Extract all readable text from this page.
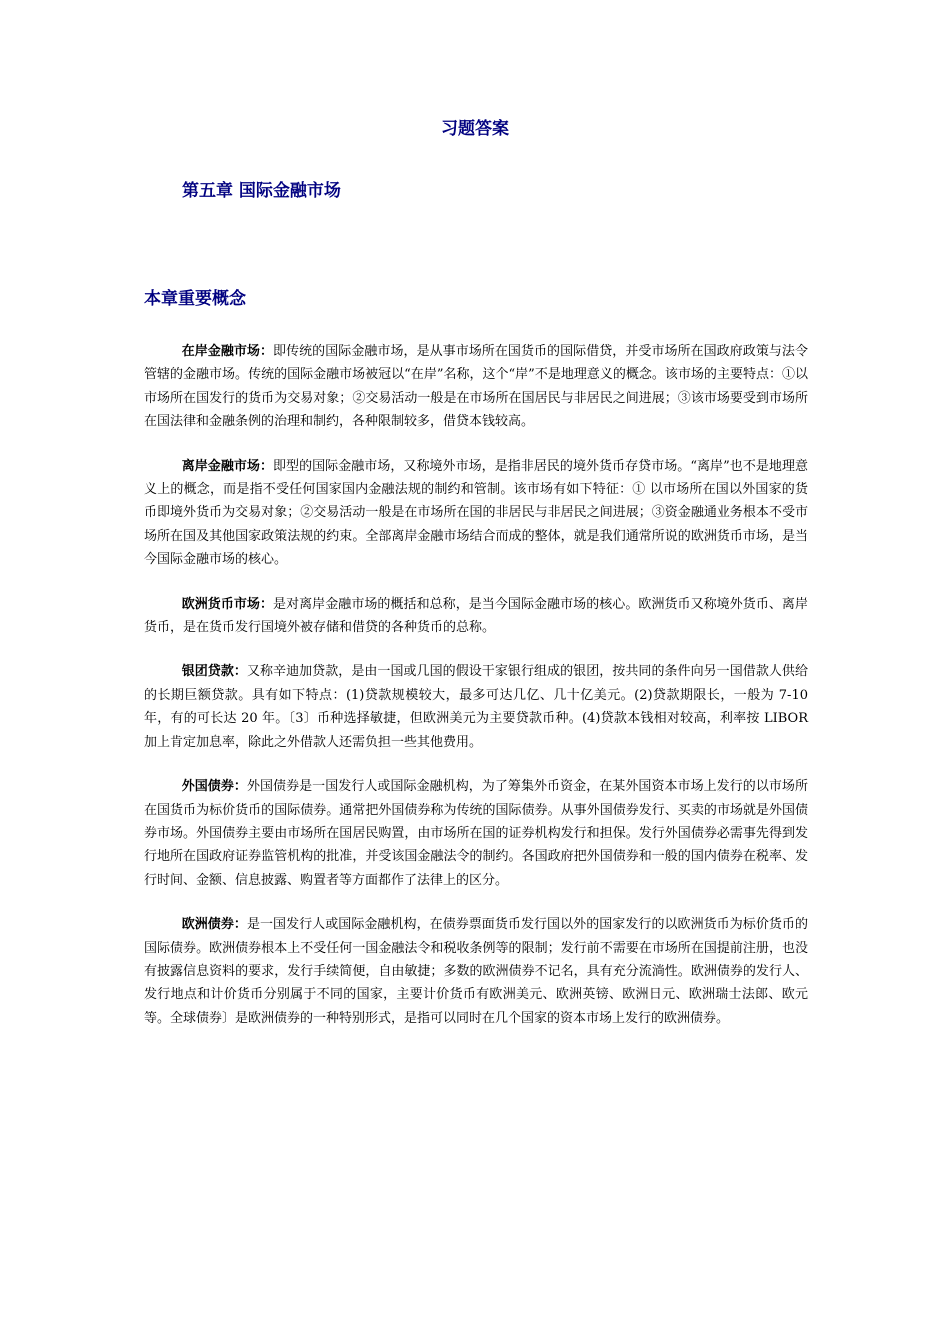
习题答案
第五章 国际金融市场
本章重要概念

在岸金融市场：即传统的国际金融市场，是从事市场所在国货币的国际借贷，并受市场所在国政府政策与法令管辖的金融市场。传统的国际金融市场被冠以“在岸”名称，这个“岸”不是地理意义的概念。该市场的主要特点：①以市场所在国发行的货币为交易对象；②交易活动一般是在市场所在国居民与非居民之间进展；③该市场要受到市场所在国法律和金融条例的治理和制约，各种限制较多，借贷本钱较高。

离岸金融市场：即型的国际金融市场，又称境外市场，是指非居民的境外货币存贷市场。“离岸”也不是地理意义上的概念，而是指不受任何国家国内金融法规的制约和管制。该市场有如下特征：① 以市场所在国以外国家的货币即境外货币为交易对象；②交易活动一般是在市场所在国的非居民与非居民之间进展；③资金融通业务根本不受市场所在国及其他国家政策法规的约束。全部离岸金融市场结合而成的整体，就是我们通常所说的欧洲货币市场，是当今国际金融市场的核心。

欧洲货币市场：是对离岸金融市场的概括和总称，是当今国际金融市场的核心。欧洲货币又称境外货币、离岸货币，是在货币发行国境外被存储和借贷的各种货币的总称。

银团贷款：又称辛迪加贷款，是由一国或几国的假设干家银行组成的银团，按共同的条件向另一国借款人供给的长期巨额贷款。具有如下特点：(1)贷款规模较大，最多可达几亿、几十亿美元。(2)贷款期限长，一般为 7-10 年，有的可长达 20 年。〔3〕币种选择敏捷，但欧洲美元为主要贷款币种。(4)贷款本钱相对较高，利率按 LIBOR 加上肯定加息率，除此之外借款人还需负担一些其他费用。

外国债券：外国债券是一国发行人或国际金融机构，为了筹集外币资金，在某外国资本市场上发行的以市场所在国货币为标价货币的国际债券。通常把外国债券称为传统的国际债券。从事外国债券发行、买卖的市场就是外国债券市场。外国债券主要由市场所在国居民购置，由市场所在国的证券机构发行和担保。发行外国债券必需事先得到发行地所在国政府证券监管机构的批准，并受该国金融法令的制约。各国政府把外国债券和一般的国内债券在税率、发行时间、金额、信息披露、购置者等方面都作了法律上的区分。

欧洲债券：是一国发行人或国际金融机构，在债券票面货币发行国以外的国家发行的以欧洲货币为标价货币的国际债券。欧洲债券根本上不受任何一国金融法令和税收条例等的限制；发行前不需要在市场所在国提前注册，也没有披露信息资料的要求，发行手续简便，自由敏捷；多数的欧洲债券不记名，具有充分流淌性。欧洲债券的发行人、发行地点和计价货币分别属于不同的国家，主要计价货币有欧洲美元、欧洲英镑、欧洲日元、欧洲瑞士法郎、欧元等。全球债券〕是欧洲债券的一种特别形式，是指可以同时在几个国家的资本市场上发行的欧洲债券。
